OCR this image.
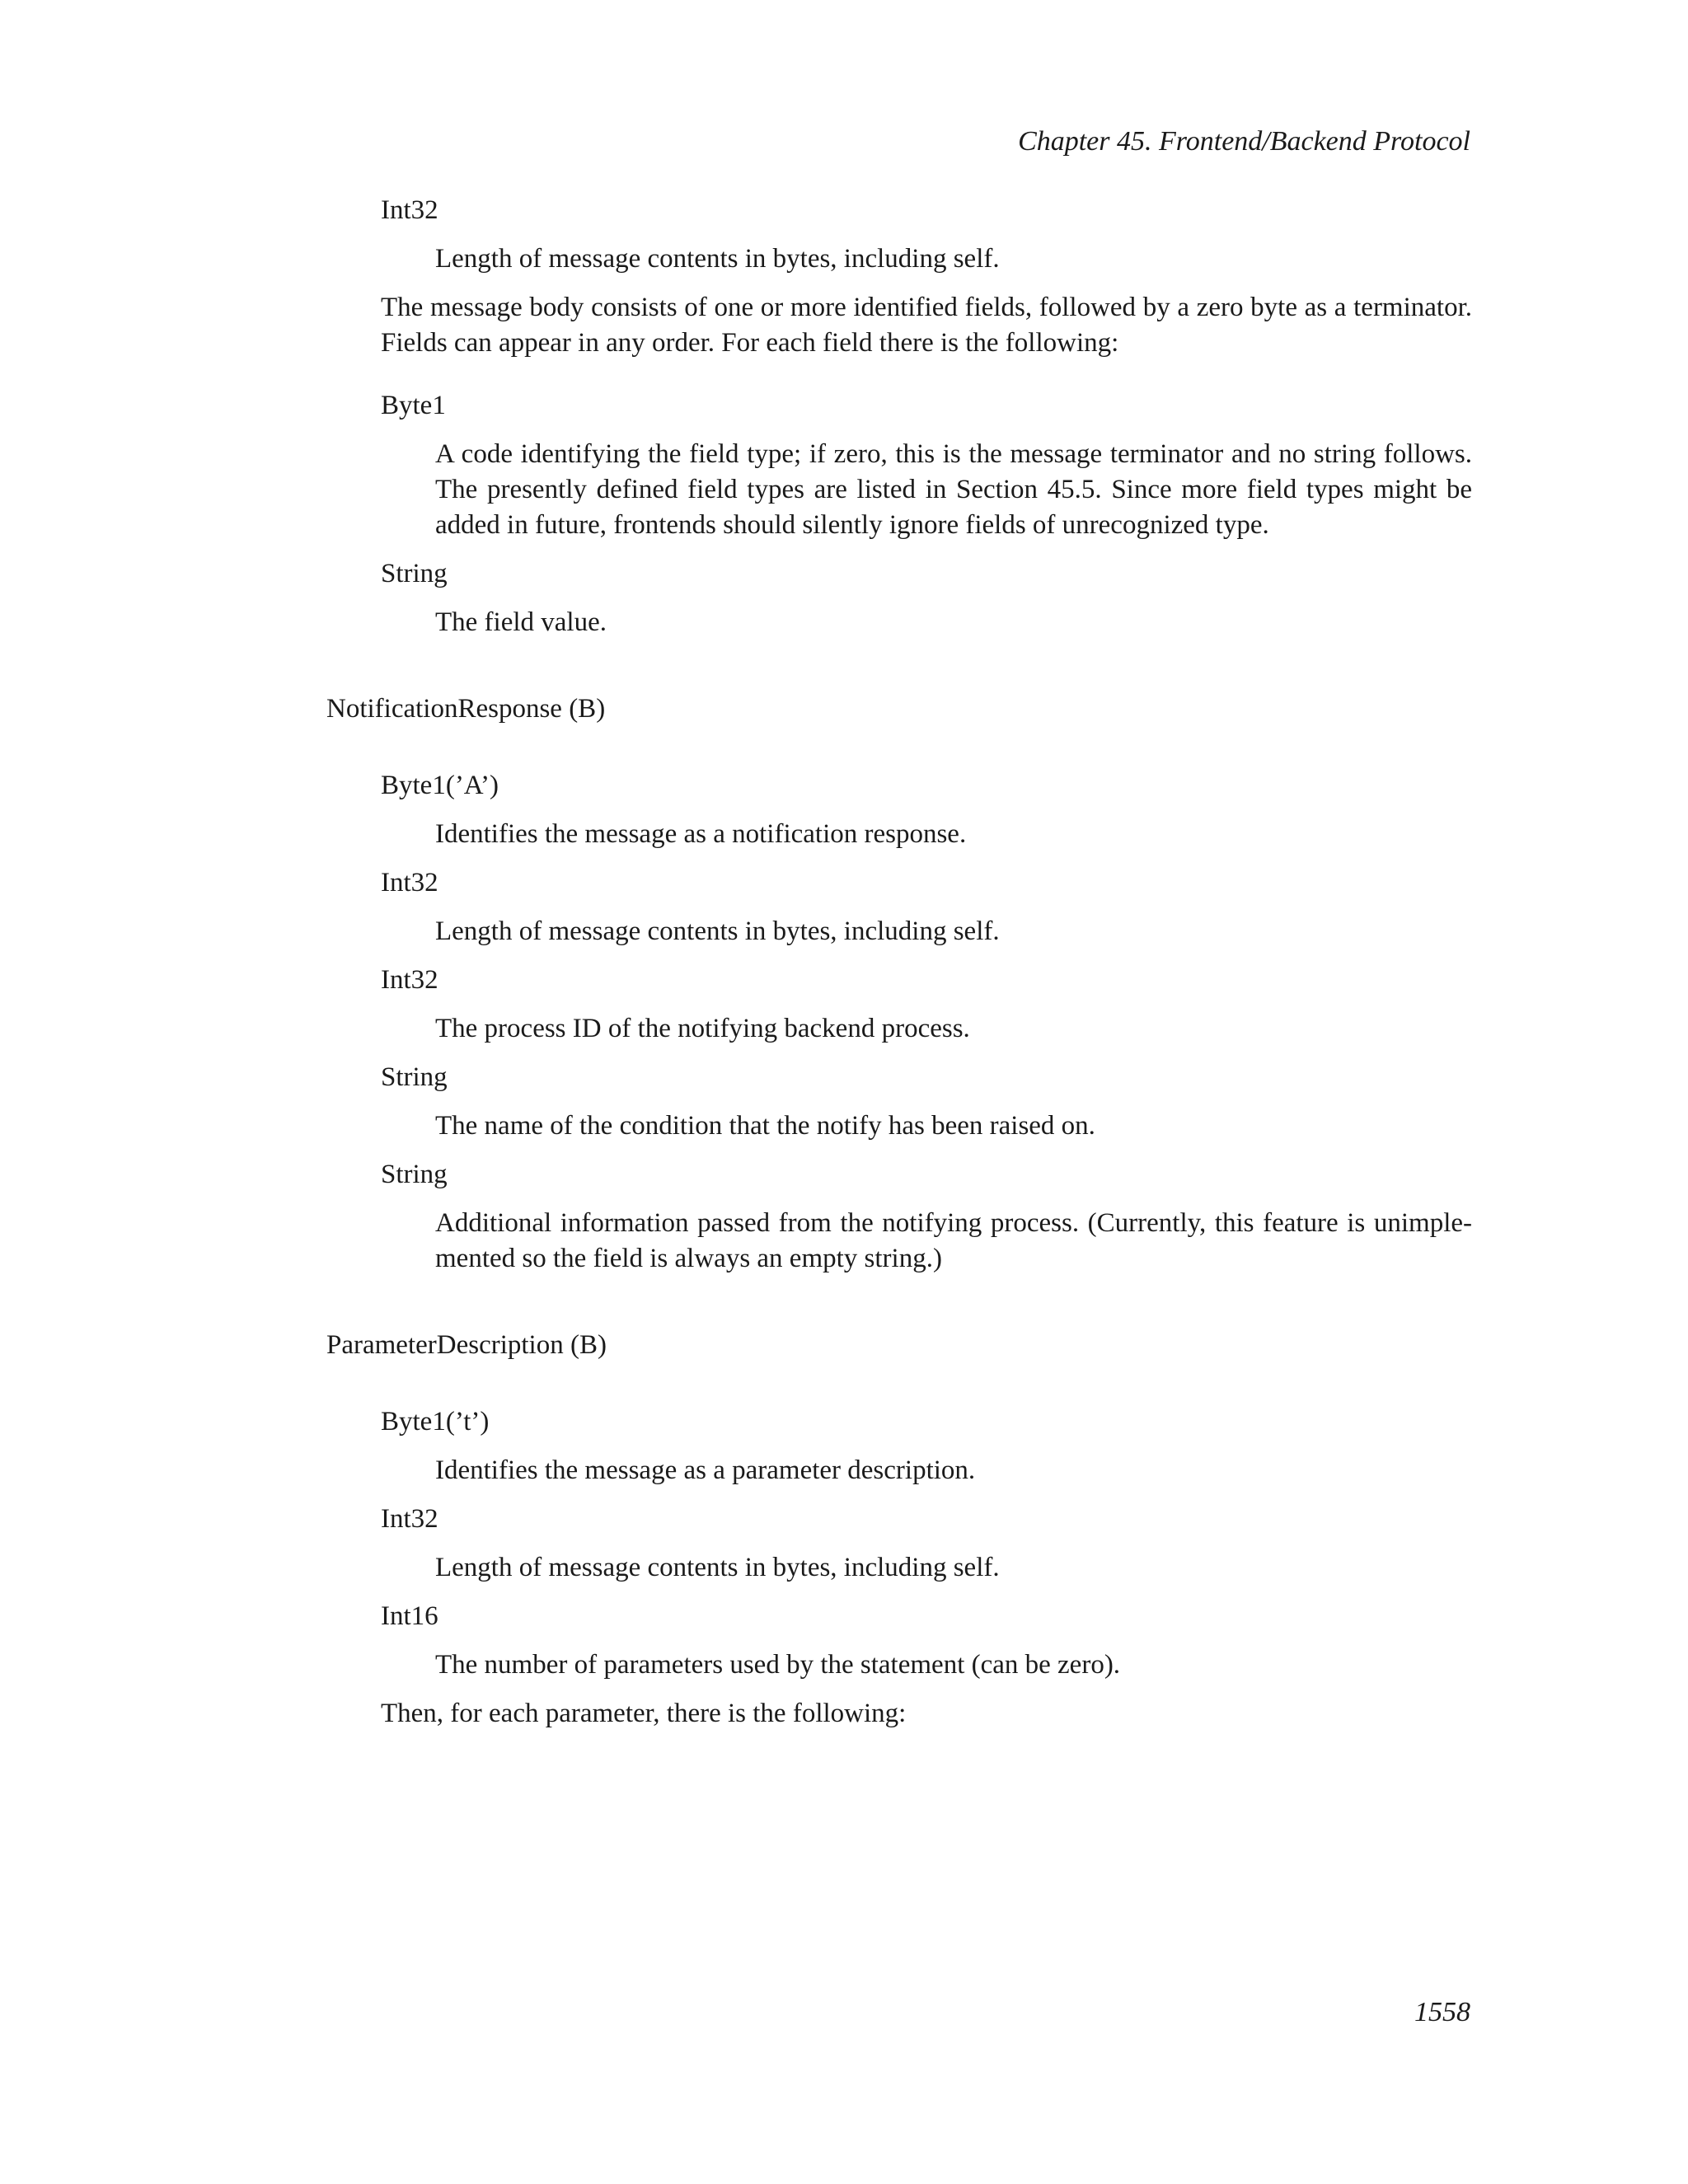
Chapter 45. Frontend/Backend Protocol
Int32
Length of message contents in bytes, including self.
The message body consists of one or more identified fields, followed by a zero byte as a terminator. Fields can appear in any order. For each field there is the following:
Byte1
A code identifying the field type; if zero, this is the message terminator and no string follows. The presently defined field types are listed in Section 45.5. Since more field types might be added in future, frontends should silently ignore fields of unrecognized type.
String
The field value.
NotificationResponse (B)
Byte1(’A’)
Identifies the message as a notification response.
Int32
Length of message contents in bytes, including self.
Int32
The process ID of the notifying backend process.
String
The name of the condition that the notify has been raised on.
String
Additional information passed from the notifying process. (Currently, this feature is unimple- mented so the field is always an empty string.)
ParameterDescription (B)
Byte1(’t’)
Identifies the message as a parameter description.
Int32
Length of message contents in bytes, including self.
Int16
The number of parameters used by the statement (can be zero).
Then, for each parameter, there is the following:
1558
